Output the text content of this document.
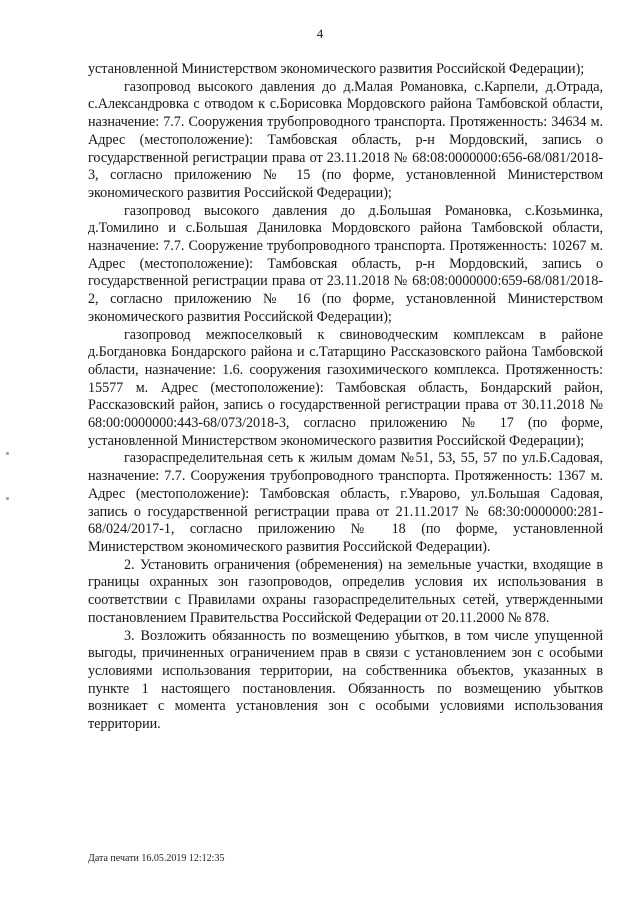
4

установленной Министерством экономического развития Российской Федерации);

газопровод высокого давления до д.Малая Романовка, с.Карпели, д.Отрада, с.Александровка с отводом к с.Борисовка Мордовского района Тамбовской области, назначение: 7.7. Сооружения трубопроводного транспорта. Протяженность: 34634 м. Адрес (местоположение): Тамбовская область, р-н Мордовский, запись о государственной регистрации права от 23.11.2018 № 68:08:0000000:656-68/081/2018-3, согласно приложению № 15 (по форме, установленной Министерством экономического развития Российской Федерации);

газопровод высокого давления до д.Большая Романовка, с.Козьминка, д.Томилино и с.Большая Даниловка Мордовского района Тамбовской области, назначение: 7.7. Сооружение трубопроводного транспорта. Протяженность: 10267 м. Адрес (местоположение): Тамбовская область, р-н Мордовский, запись о государственной регистрации права от 23.11.2018 № 68:08:0000000:659-68/081/2018-2, согласно приложению № 16 (по форме, установленной Министерством экономического развития Российской Федерации);

газопровод межпоселковый к свиноводческим комплексам в районе д.Богдановка Бондарского района и с.Татарщино Рассказовского района Тамбовской области, назначение: 1.6. сооружения газохимического комплекса. Протяженность: 15577 м. Адрес (местоположение): Тамбовская область, Бондарский район, Рассказовский район, запись о государственной регистрации права от 30.11.2018 № 68:00:0000000:443-68/073/2018-3, согласно приложению № 17 (по форме, установленной Министерством экономического развития Российской Федерации);

газораспределительная сеть к жилым домам №51, 53, 55, 57 по ул.Б.Садовая, назначение: 7.7. Сооружения трубопроводного транспорта. Протяженность: 1367 м. Адрес (местоположение): Тамбовская область, г.Уварово, ул.Большая Садовая, запись о государственной регистрации права от 21.11.2017 № 68:30:0000000:281-68/024/2017-1, согласно приложению № 18 (по форме, установленной Министерством экономического развития Российской Федерации).

2. Установить ограничения (обременения) на земельные участки, входящие в границы охранных зон газопроводов, определив условия их использования в соответствии с Правилами охраны газораспределительных сетей, утвержденными постановлением Правительства Российской Федерации от 20.11.2000 № 878.

3. Возложить обязанность по возмещению убытков, в том числе упущенной выгоды, причиненных ограничением прав в связи с установлением зон с особыми условиями использования территории, на собственника объектов, указанных в пункте 1 настоящего постановления. Обязанность по возмещению убытков возникает с момента установления зон с особыми условиями использования территории.

Дата печати 16.05.2019 12:12:35
